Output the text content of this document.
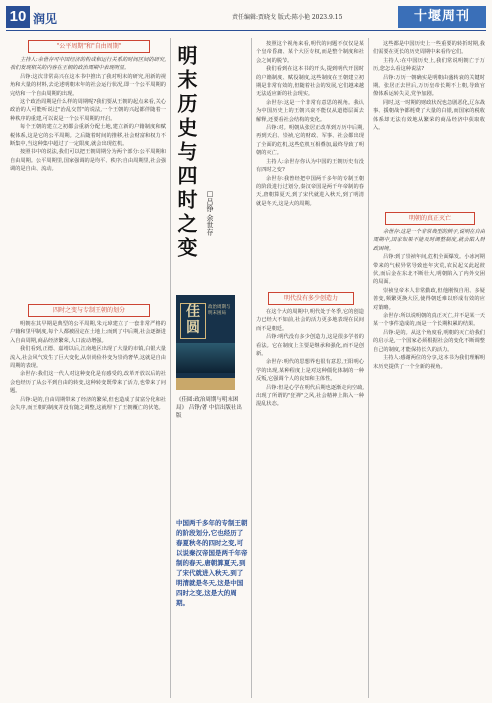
10 润见	责任编辑:贾晓戈 版式:陈小艳 2023.9.15	十堰周刊
"公平周期"和"自由周期"

主持人:余世存可中国经济的构成和运行关系的时间区间的研究,我们发现相关的内容在王朝的政治周期中表现明显。

吕铮:这次非常高兴在这本书中推出了我对明末的研究,用新的视角和大量的材料,去论述明朝末年的社会运行状况,即一个公平周期的完结和一个自由周期的出现。

这个政治周期是什么样的周期呢?我们要从王朝的起点来看,关心政治的人可能听说过"治乱交替"的说法,一个王朝的兴起都伴随着一种秩序的重建,可以说是一个公平周期的开启。

每个王朝的建立之初都会重新分配土地,建立新的户籍制度和赋税体系,这是它的公平周期。之后随着时间的推移,社会财富和权力不断集中,当这种集中超过了一定限度,就会出现危机。

按照书中的说法,我们可以把王朝周期分为两个部分:公平周期和自由周期。公平周期里,国家强调的是均平、秩序;自由周期里,社会强调的是自由、流动。

四时之变与专制王朝的划分

明朝在其早期是典型的公平周期,朱元璋建立了一套非常严格的户籍和里甲制度,每个人都被固定在土地上;而到了中后期,社会逐渐进入自由周期,商品经济繁荣,人口流动增强。

我们看到,正德、嘉靖以后,江南地区出现了大量的市镇,白银大量流入,社会风气发生了巨大变化,从崇尚俭朴变为崇尚奢华,这就是自由周期的表现。

余世存:我们这一代人对这种变化是有感受的,改革开放以后的社会也经历了从公平到自由的转变,这种转变既带来了活力,也带来了问题。

吕铮:是的,自由周期带来了经济的繁荣,但也造成了贫富分化和社会失序,而王朝的制度并没有随之调整,这就埋下了王朝覆亡的伏笔。

明末历史与四时之变	□吕铮 余世存
佳圆
政治周期与明末困局
《佳圆:政治周期与明末困局》 吕铮/著 中信出版社出版
中国两千多年的专制王朝的阶段划分,它也经历了春夏秋冬的四时之变,可以说秦汉帝国是两千年帝制的春天,唐朝算夏天,到了宋代就进入秋天,到了明清就是冬天,这是中国四时之变,这是大的周期。

按照这个视角来看,明代的问题不仅仅是某个皇帝昏庸、某个大臣专权,而是整个制度和社会之间的脱节。

我们看到在这本书的开头,提到明代开国时的户籍制度、赋役制度,这些制度在王朝建立初期是非常有效的,但随着社会的发展,它们越来越无法适应新的社会现实。

余世存:这是一个非常有意思的视角。我认为中国历史上的王朝兴衰不能仅从道德层面去解释,还要看社会结构的变化。

吕铮:对。明朝从张居正改革到万历中后期,再到天启、崇祯,它的财政、军事、社会都出现了全面的危机,这些危机互相叠加,最终导致了明朝的灭亡。

主持人:余世存你认为中国的王朝历史有没有四时之变?

余世存:我曾经把中国两千多年的专制王朝的阶段进行过划分,秦汉帝国是两千年帝制的春天,唐朝算夏天,到了宋代就进入秋天,到了明清就是冬天,这是大的周期。

明代没有多少创造力

在这个大的周期中,明代处于冬季,它的创造力已经大不如前,社会的活力更多地表现在民间而不是朝廷。

吕铮:明代没有多少创造力,这是很多学者的看法。它在制度上主要是继承和强化,而不是创新。

余世存:明代的思想界也很有意思,王阳明心学的出现,某种程度上是对这种僵化体制的一种反叛,它强调个人的良知和主体性。

吕铮:但是心学在明代后期也逐渐走向空疏,出现了所谓的"狂禅"之风,社会精神上陷入一种混乱状态。

这些都是中国历史上一些重要的转折时期,我们需要在更长的历史周期中来看待它们。

主持人:在中国历史上,我们常说明朝亡于万历,您怎么看这种说法?

吕铮:万历一朝确实是明朝由盛转衰的关键时期。张居正去世后,万历皇帝长期不上朝,导致官僚体系运转失灵,党争加剧。

同时,这一时期的财政状况也急剧恶化,辽东战事、援朝战争都耗费了大量的白银,而国家的税收体系却无法有效地从繁荣的商品经济中获取收入。

明朝的真正灭亡

余世存:这是一个非常典型的例子,说明在自由周期中,国家如果不能及时调整制度,就会陷入财政困境。

吕铮:到了崇祯年间,危机全面爆发。小冰河期带来的气候异常导致连年灾荒,农民起义此起彼伏,而后金在东北不断壮大,明朝陷入了内外交困的局面。

崇祯皇帝本人非常勤政,但他刚愎自用、多疑善变,频繁更换大臣,使得朝廷难以形成有效的应对策略。

余世存:所以说明朝的真正灭亡,并不是某一天某一个事件造成的,而是一个长期积累的结果。

吕铮:是的。从这个角度看,明朝的灭亡给我们的启示是,一个国家必须根据社会的变化不断调整自己的制度,才能保持长久的活力。

主持人:感谢两位的分享,这本书为我们理解明末历史提供了一个全新的视角。
